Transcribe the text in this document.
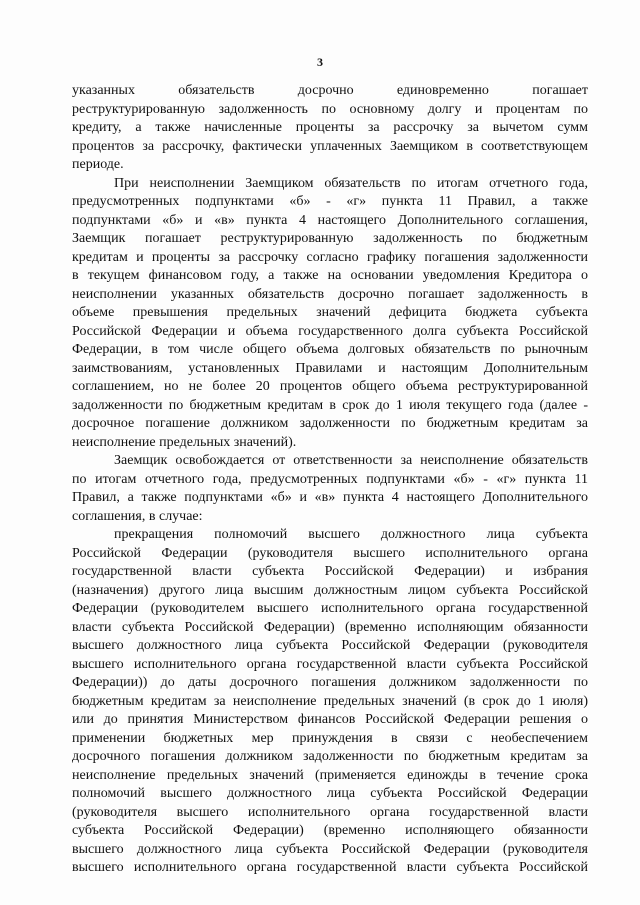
3
указанных обязательств досрочно единовременно погашает
реструктурированную задолженность по основному долгу и процентам по
кредиту, а также начисленные проценты за рассрочку за вычетом сумм
процентов за рассрочку, фактически уплаченных Заемщиком в соответствующем
периоде.
При неисполнении Заемщиком обязательств по итогам отчетного года,
предусмотренных подпунктами «б» - «г» пункта 11 Правил, а также
подпунктами «б» и «в» пункта 4 настоящего Дополнительного соглашения,
Заемщик погашает реструктурированную задолженность по бюджетным
кредитам и проценты за рассрочку согласно графику погашения задолженности
в текущем финансовом году, а также на основании уведомления Кредитора о
неисполнении указанных обязательств досрочно погашает задолженность в
объеме превышения предельных значений дефицита бюджета субъекта
Российской Федерации и объема государственного долга субъекта Российской
Федерации, в том числе общего объема долговых обязательств по рыночным
заимствованиям, установленных Правилами и настоящим Дополнительным
соглашением, но не более 20 процентов общего объема реструктурированной
задолженности по бюджетным кредитам в срок до 1 июля текущего года (далее -
досрочное погашение должником задолженности по бюджетным кредитам за
неисполнение предельных значений).
Заемщик освобождается от ответственности за неисполнение обязательств
по итогам отчетного года, предусмотренных подпунктами «б» - «г» пункта 11
Правил, а также подпунктами «б» и «в» пункта 4 настоящего Дополнительного
соглашения, в случае:
прекращения полномочий высшего должностного лица субъекта
Российской Федерации (руководителя высшего исполнительного органа
государственной власти субъекта Российской Федерации) и избрания
(назначения) другого лица высшим должностным лицом субъекта Российской
Федерации (руководителем высшего исполнительного органа государственной
власти субъекта Российской Федерации) (временно исполняющим обязанности
высшего должностного лица субъекта Российской Федерации (руководителя
высшего исполнительного органа государственной власти субъекта Российской
Федерации)) до даты досрочного погашения должником задолженности по
бюджетным кредитам за неисполнение предельных значений (в срок до 1 июля)
или до принятия Министерством финансов Российской Федерации решения о
применении бюджетных мер принуждения в связи с необеспечением
досрочного погашения должником задолженности по бюджетным кредитам за
неисполнение предельных значений (применяется единожды в течение срока
полномочий высшего должностного лица субъекта Российской Федерации
(руководителя высшего исполнительного органа государственной власти
субъекта Российской Федерации) (временно исполняющего обязанности
высшего должностного лица субъекта Российской Федерации (руководителя
высшего исполнительного органа государственной власти субъекта Российской
